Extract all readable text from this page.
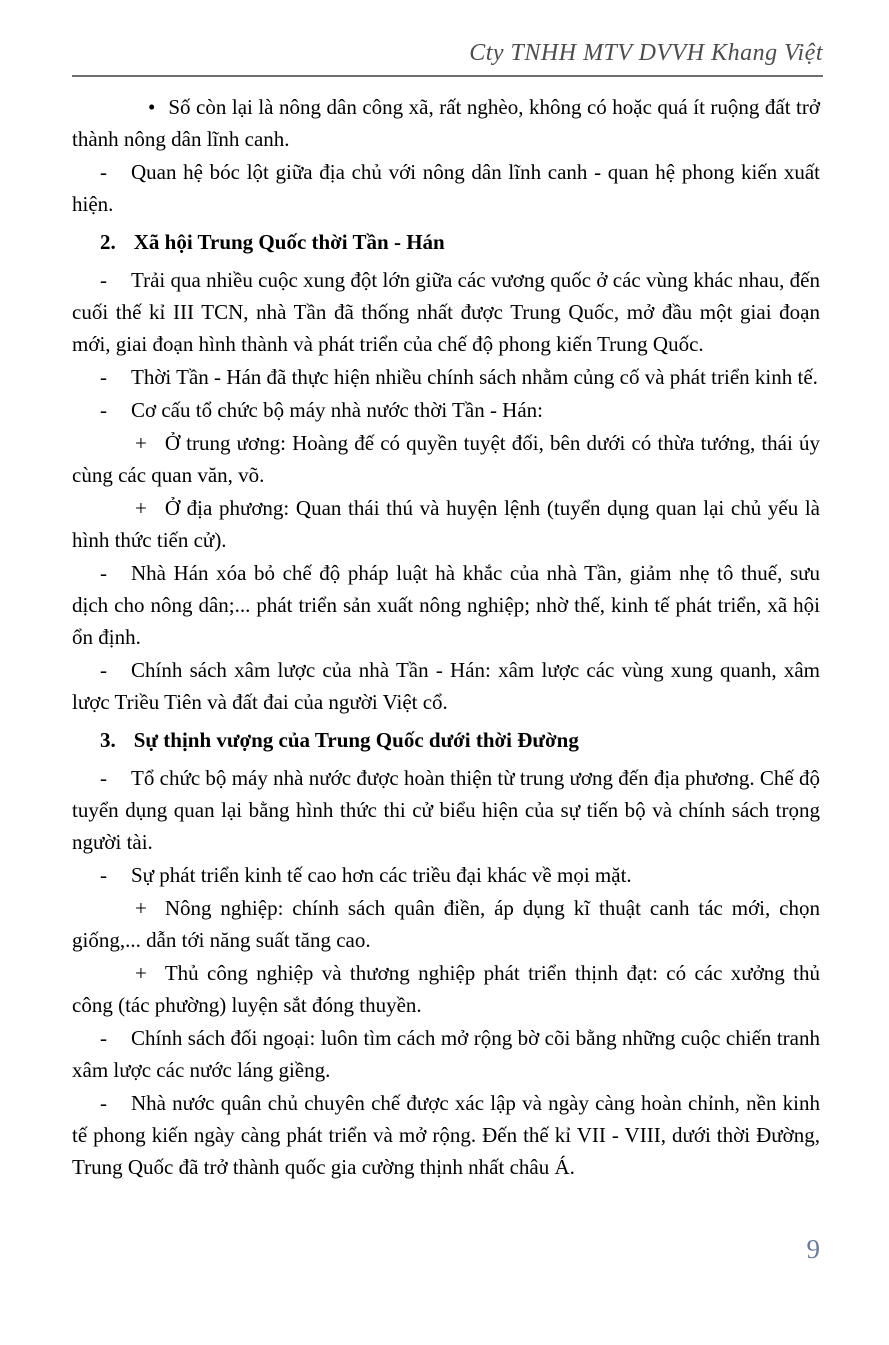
Cty TNHH MTV DVVH Khang Việt

• Số còn lại là nông dân công xã, rất nghèo, không có hoặc quá ít ruộng đất trở thành nông dân lĩnh canh.

- Quan hệ bóc lột giữa địa chủ với nông dân lĩnh canh - quan hệ phong kiến xuất hiện.

2. Xã hội Trung Quốc thời Tần - Hán

- Trải qua nhiều cuộc xung đột lớn giữa các vương quốc ở các vùng khác nhau, đến cuối thế kỉ III TCN, nhà Tần đã thống nhất được Trung Quốc, mở đầu một giai đoạn mới, giai đoạn hình thành và phát triển của chế độ phong kiến Trung Quốc.

- Thời Tần - Hán đã thực hiện nhiều chính sách nhằm củng cố và phát triển kinh tế.

- Cơ cấu tổ chức bộ máy nhà nước thời Tần - Hán:

+ Ở trung ương: Hoàng đế có quyền tuyệt đối, bên dưới có thừa tướng, thái úy cùng các quan văn, võ.

+ Ở địa phương: Quan thái thú và huyện lệnh (tuyển dụng quan lại chủ yếu là hình thức tiến cử).

- Nhà Hán xóa bỏ chế độ pháp luật hà khắc của nhà Tần, giảm nhẹ tô thuế, sưu dịch cho nông dân;... phát triển sản xuất nông nghiệp; nhờ thế, kinh tế phát triển, xã hội ổn định.

- Chính sách xâm lược của nhà Tần - Hán: xâm lược các vùng xung quanh, xâm lược Triều Tiên và đất đai của người Việt cổ.

3. Sự thịnh vượng của Trung Quốc dưới thời Đường

- Tổ chức bộ máy nhà nước được hoàn thiện từ trung ương đến địa phương. Chế độ tuyển dụng quan lại bằng hình thức thi cử biểu hiện của sự tiến bộ và chính sách trọng người tài.

- Sự phát triển kinh tế cao hơn các triều đại khác về mọi mặt.

+ Nông nghiệp: chính sách quân điền, áp dụng kĩ thuật canh tác mới, chọn giống,... dẫn tới năng suất tăng cao.

+ Thủ công nghiệp và thương nghiệp phát triển thịnh đạt: có các xưởng thủ công (tác phường) luyện sắt đóng thuyền.

- Chính sách đối ngoại: luôn tìm cách mở rộng bờ cõi bằng những cuộc chiến tranh xâm lược các nước láng giềng.

- Nhà nước quân chủ chuyên chế được xác lập và ngày càng hoàn chỉnh, nền kinh tế phong kiến ngày càng phát triển và mở rộng. Đến thế kỉ VII - VIII, dưới thời Đường, Trung Quốc đã trở thành quốc gia cường thịnh nhất châu Á.

9
